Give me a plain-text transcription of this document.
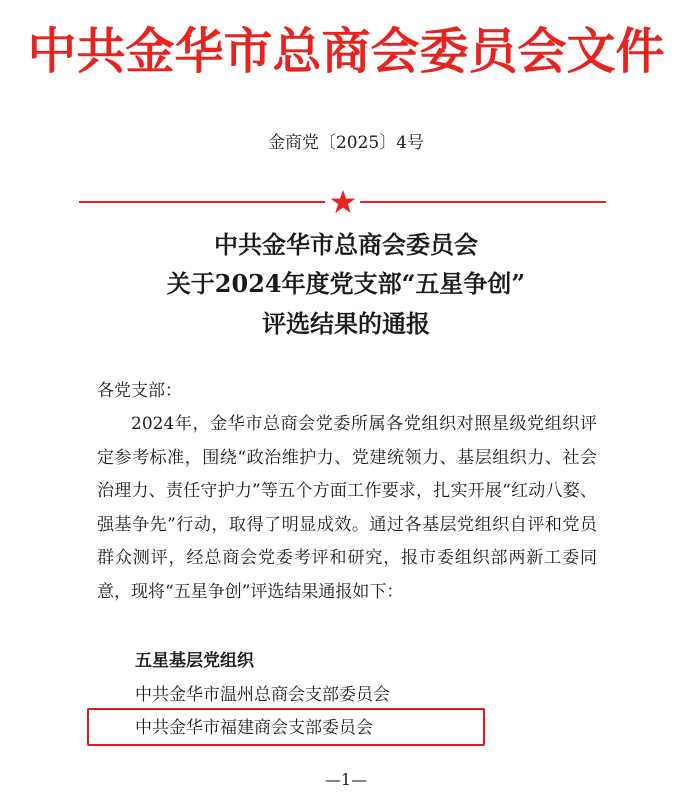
中共金华市总商会委员会文件
金商党〔2025〕4号
中共金华市总商会委员会
关于2024年度党支部“五星争创”
评选结果的通报
各党支部：
2024年，金华市总商会党委所属各党组织对照星级党组织评定参考标准，围绕“政治维护力、党建统领力、基层组织力、社会治理力、责任守护力”等五个方面工作要求，扎实开展“红动八婺、强基争先”行动，取得了明显成效。通过各基层党组织自评和党员群众测评，经总商会党委考评和研究，报市委组织部两新工委同意，现将“五星争创”评选结果通报如下：
五星基层党组织
中共金华市温州总商会支部委员会
中共金华市福建商会支部委员会
—1—
